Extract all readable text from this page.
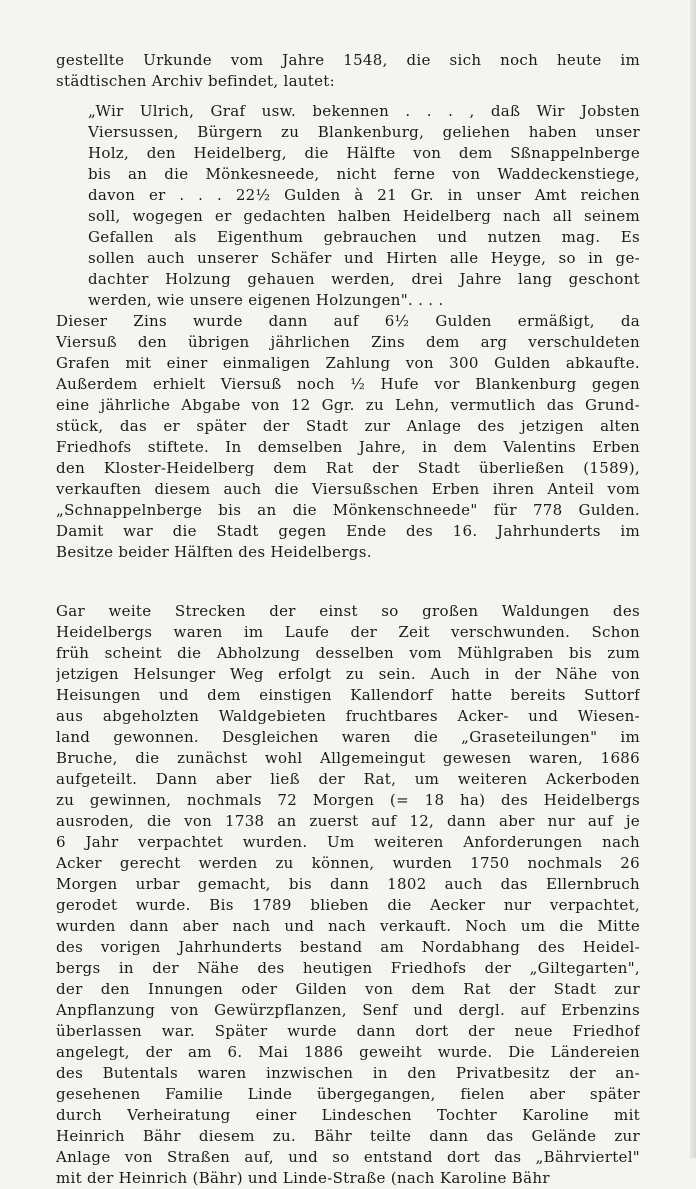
gestellte Urkunde vom Jahre 1548, die sich noch heute im
städtischen Archiv befindet, lautet:
„Wir Ulrich, Graf usw. bekennen . . . , daß Wir Jobsten
Viersussen, Bürgern zu Blankenburg, geliehen haben unser
Holz, den Heidelberg, die Hälfte von dem Sßnappelnberge
bis an die Mönkesneede, nicht ferne von Waddeckenstiege,
davon er . . . 22½ Gulden à 21 Gr. in unser Amt reichen
soll, wogegen er gedachten halben Heidelberg nach all seinem
Gefallen als Eigenthum gebrauchen und nutzen mag. Es
sollen auch unserer Schäfer und Hirten alle Heyge, so in ge-
dachter Holzung gehauen werden, drei Jahre lang geschont
werden, wie unsere eigenen Holzungen". . . .
Dieser Zins wurde dann auf 6½ Gulden ermäßigt, da
Viersuß den übrigen jährlichen Zins dem arg verschuldeten
Grafen mit einer einmaligen Zahlung von 300 Gulden abkaufte.
Außerdem erhielt Viersuß noch ½ Hufe vor Blankenburg gegen
eine jährliche Abgabe von 12 Ggr. zu Lehn, vermutlich das Grund-
stück, das er später der Stadt zur Anlage des jetzigen alten
Friedhofs stiftete. In demselben Jahre, in dem Valentins Erben
den Kloster-Heidelberg dem Rat der Stadt überließen (1589),
verkauften diesem auch die Viersußschen Erben ihren Anteil vom
„Schnappelnberge bis an die Mönkenschneede" für 778 Gulden.
Damit war die Stadt gegen Ende des 16. Jahrhunderts im
Besitze beider Hälften des Heidelbergs.
Gar weite Strecken der einst so großen Waldungen des
Heidelbergs waren im Laufe der Zeit verschwunden. Schon
früh scheint die Abholzung desselben vom Mühlgraben bis zum
jetzigen Helsunger Weg erfolgt zu sein. Auch in der Nähe von
Heisungen und dem einstigen Kallendorf hatte bereits Suttorf
aus abgeholzten Waldgebieten fruchtbares Acker- und Wiesen-
land gewonnen. Desgleichen waren die „Graseteilungen" im
Bruche, die zunächst wohl Allgemeingut gewesen waren, 1686
aufgeteilt. Dann aber ließ der Rat, um weiteren Ackerboden
zu gewinnen, nochmals 72 Morgen (= 18 ha) des Heidelbergs
ausroden, die von 1738 an zuerst auf 12, dann aber nur auf je
6 Jahr verpachtet wurden. Um weiteren Anforderungen nach
Acker gerecht werden zu können, wurden 1750 nochmals 26
Morgen urbar gemacht, bis dann 1802 auch das Ellernbruch
gerodet wurde. Bis 1789 blieben die Aecker nur verpachtet,
wurden dann aber nach und nach verkauft. Noch um die Mitte
des vorigen Jahrhunderts bestand am Nordabhang des Heidel-
bergs in der Nähe des heutigen Friedhofs der „Giltegarten",
der den Innungen oder Gilden von dem Rat der Stadt zur
Anpflanzung von Gewürzpflanzen, Senf und dergl. auf Erbenzins
überlassen war. Später wurde dann dort der neue Friedhof
angelegt, der am 6. Mai 1886 geweiht wurde. Die Ländereien
des Butentals waren inzwischen in den Privatbesitz der an-
gesehenen Familie Linde übergegangen, fielen aber später
durch Verheiratung einer Lindeschen Tochter Karoline mit
Heinrich Bähr diesem zu. Bähr teilte dann das Gelände zur
Anlage von Straßen auf, und so entstand dort das „Bährviertel"
mit der Heinrich (Bähr) und Linde-Straße (nach Karoline Bähr
